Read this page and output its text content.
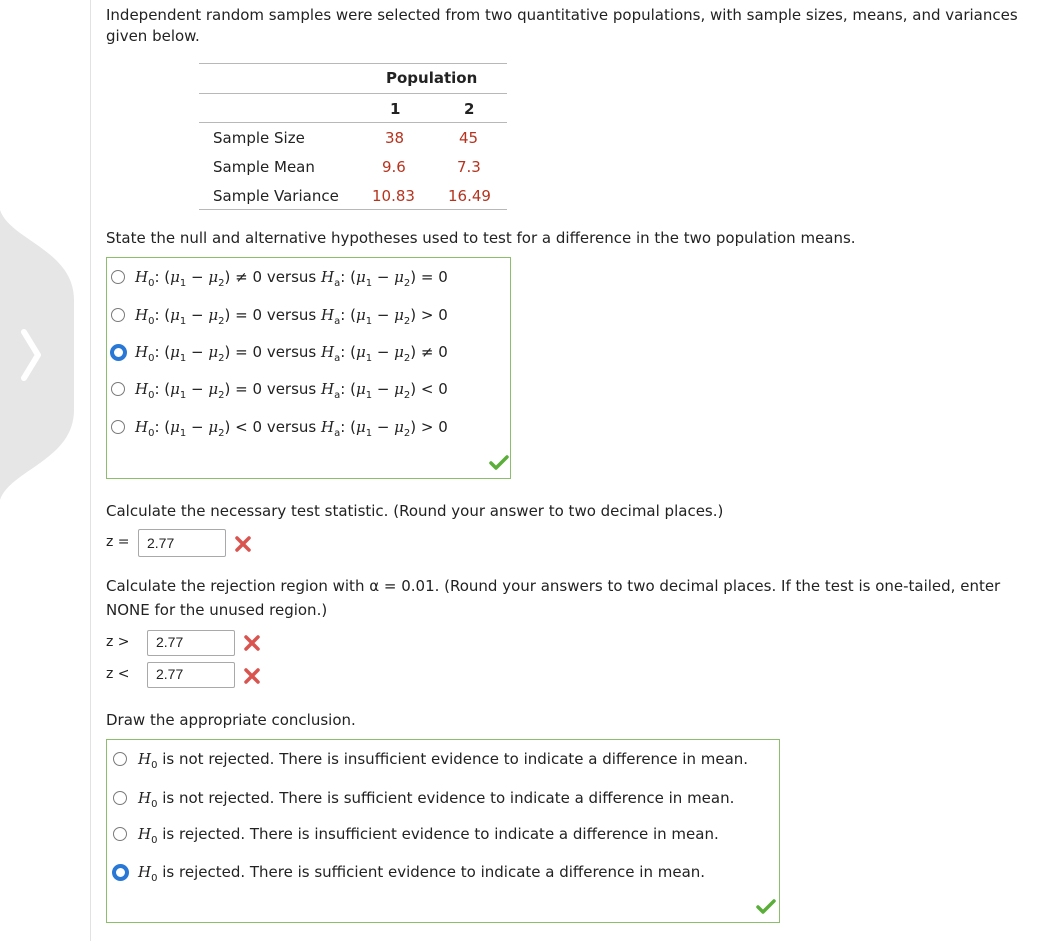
Independent random samples were selected from two quantitative populations, with sample sizes, means, and variances
given below.
Population
1	2
Sample Size	38	45
Sample Mean	9.6	7.3
Sample Variance 10.83 16.49
State the null and alternative hypotheses used to test for a difference in the two population means.
$H_0$: $(\mu_1 - \mu_2) \ne 0$ versus $H_a$: $(\mu_1 - \mu_2) = 0$
$H_0$: $(\mu_1 - \mu_2) = 0$ versus $H_a$: $(\mu_1 - \mu_2) > 0$
$H_0$: $(\mu_1 - \mu_2) = 0$ versus $H_a$: $(\mu_1 - \mu_2) \ne 0$
$H_0$: $(\mu_1 - \mu_2) = 0$ versus $H_a$: $(\mu_1 - \mu_2) < 0$
$H_0$: $(\mu_1 - \mu_2) < 0$ versus $H_a$: $(\mu_1 - \mu_2) > 0$
Calculate the necessary test statistic. (Round your answer to two decimal places.)
z =	2.77
Calculate the rejection region with α = 0.01. (Round your answers to two decimal places. If the test is one-tailed, enter
NONE for the unused region.)
z >	2.77
z <	2.77
Draw the appropriate conclusion.
$H_0$ is not rejected. There is insufficient evidence to indicate a difference in mean.
$H_0$ is not rejected. There is sufficient evidence to indicate a difference in mean.
$H_0$ is rejected. There is insufficient evidence to indicate a difference in mean.
$H_0$ is rejected. There is sufficient evidence to indicate a difference in mean.
